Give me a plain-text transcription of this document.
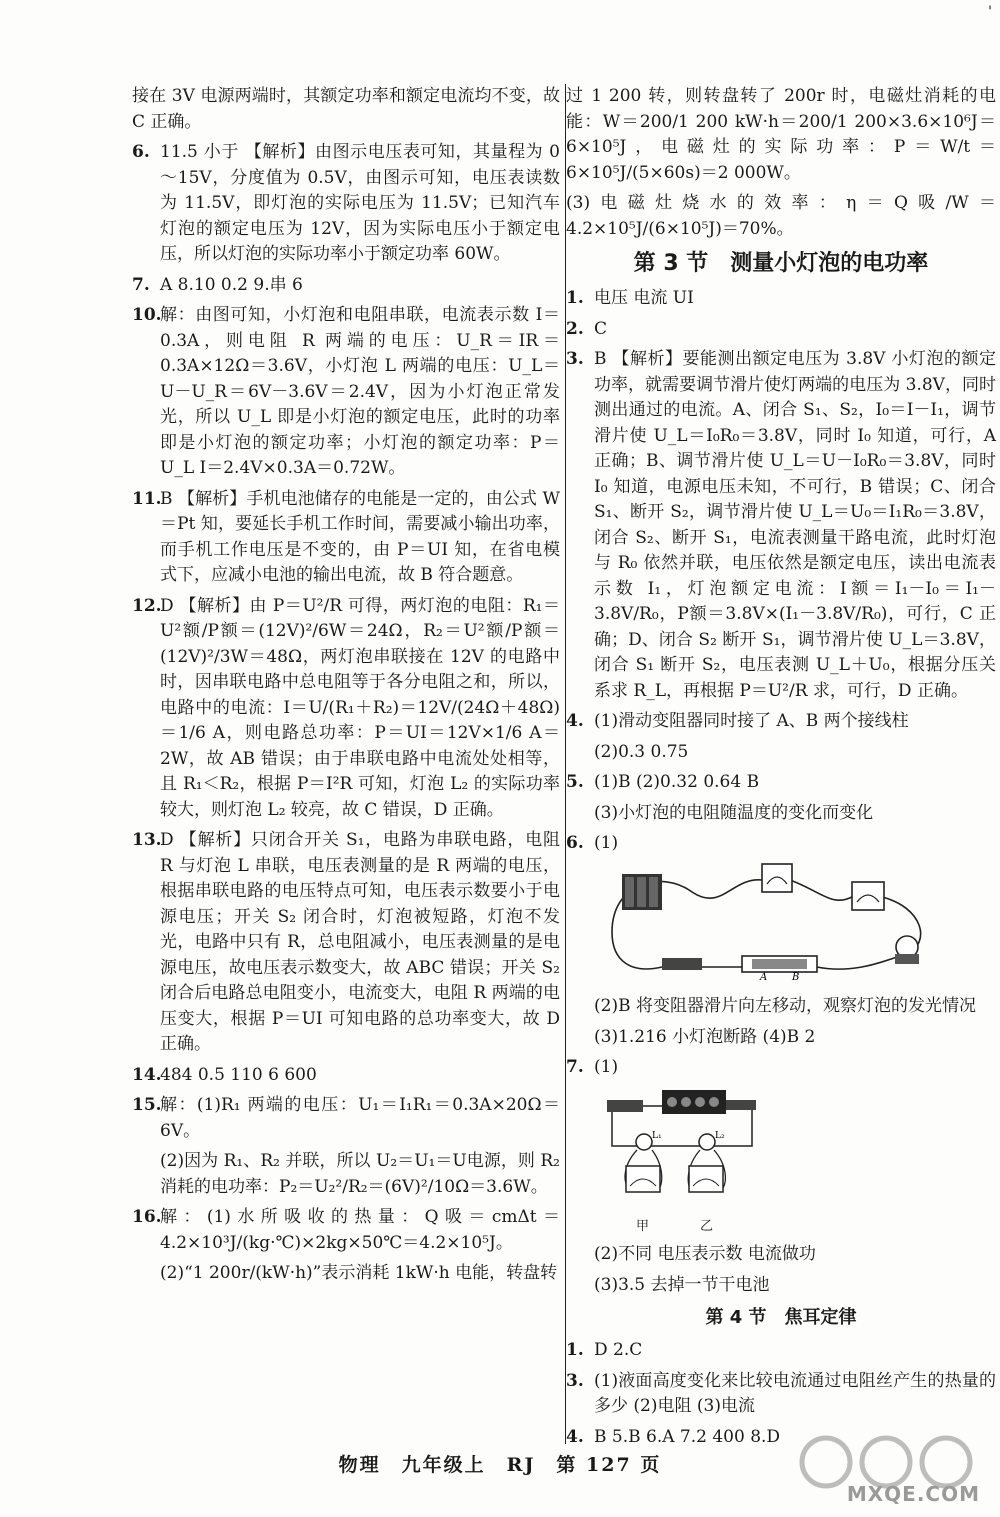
'
接在 3V 电源两端时，其额定功率和额定电流均不变，故 C 正确。
6. 11.5 小于 【解析】由图示电压表可知，其量程为 0～15V，分度值为 0.5V，由图示可知，电压表读数为 11.5V，即灯泡的实际电压为 11.5V；已知汽车灯泡的额定电压为 12V，因为实际电压小于额定电压，所以灯泡的实际功率小于额定功率 60W。
7. A 8.10 0.2 9.串 6
10.
解：由图可知，小灯泡和电阻串联，电流表示数 I＝0.3A，则电阻 R 两端的电压：U_R＝IR＝0.3A×12Ω＝3.6V，小灯泡 L 两端的电压：U_L＝U－U_R＝6V－3.6V＝2.4V，因为小灯泡正常发光，所以 U_L 即是小灯泡的额定电压，此时的功率即是小灯泡的额定功率；小灯泡的额定功率：P＝U_L I＝2.4V×0.3A＝0.72W。
11.
B 【解析】手机电池储存的电能是一定的，由公式 W＝Pt 知，要延长手机工作时间，需要减小输出功率，而手机工作电压是不变的，由 P＝UI 知，在省电模式下，应减小电池的输出电流，故 B 符合题意。
12.
D 【解析】由 P＝U²/R 可得，两灯泡的电阻：R₁＝U²额/P额＝(12V)²/6W＝24Ω，R₂＝U²额/P额＝(12V)²/3W＝48Ω，两灯泡串联接在 12V 的电路中时，因串联电路中总电阻等于各分电阻之和，所以，电路中的电流：I＝U/(R₁＋R₂)＝12V/(24Ω＋48Ω)＝1/6 A，则电路总功率：P＝UI＝12V×1/6 A＝2W，故 AB 错误；由于串联电路中电流处处相等，且 R₁＜R₂，根据 P＝I²R 可知，灯泡 L₂ 的实际功率较大，则灯泡 L₂ 较亮，故 C 错误，D 正确。
13.
D 【解析】只闭合开关 S₁，电路为串联电路，电阻 R 与灯泡 L 串联，电压表测量的是 R 两端的电压，根据串联电路的电压特点可知，电压表示数要小于电源电压；开关 S₂ 闭合时，灯泡被短路，灯泡不发光，电路中只有 R，总电阻减小，电压表测量的是电源电压，故电压表示数变大，故 ABC 错误；开关 S₂ 闭合后电路总电阻变小，电流变大，电阻 R 两端的电压变大，根据 P＝UI 可知电路的总功率变大，故 D 正确。
14.
484 0.5 110 6 600
15.
解：(1)R₁ 两端的电压：U₁＝I₁R₁＝0.3A×20Ω＝6V。
(2)因为 R₁、R₂ 并联，所以 U₂＝U₁＝U电源，则 R₂ 消耗的电功率：P₂＝U₂²/R₂＝(6V)²/10Ω＝3.6W。
16.
解：(1)水所吸收的热量：Q吸＝cmΔt＝4.2×10³J/(kg·℃)×2kg×50℃＝4.2×10⁵J。
(2)“1 200r/(kW·h)”表示消耗 1kW·h 电能，转盘转
过 1 200 转，则转盘转了 200r 时，电磁灶消耗的电能：W＝200/1 200 kW·h＝200/1 200×3.6×10⁶J＝6×10⁵J，电磁灶的实际功率：P＝W/t＝6×10⁵J/(5×60s)＝2 000W。
(3)电磁灶烧水的效率：η＝Q吸/W＝4.2×10⁵J/(6×10⁵J)＝70%。
第 3 节　测量小灯泡的电功率
1. 电压 电流 UI
2. C
3. B 【解析】要能测出额定电压为 3.8V 小灯泡的额定功率，就需要调节滑片使灯两端的电压为 3.8V，同时测出通过的电流。A、闭合 S₁、S₂，I₀＝I－I₁，调节滑片使 U_L＝I₀R₀＝3.8V，同时 I₀ 知道，可行，A 正确；B、调节滑片使 U_L＝U－I₀R₀＝3.8V，同时 I₀ 知道，电源电压未知，不可行，B 错误；C、闭合 S₁、断开 S₂，调节滑片使 U_L＝U₀＝I₁R₀＝3.8V，闭合 S₂、断开 S₁，电流表测量干路电流，此时灯泡与 R₀ 依然并联，电压依然是额定电压，读出电流表示数 I₁，灯泡额定电流：I额＝I₁－I₀＝I₁－3.8V/R₀，P额＝3.8V×(I₁－3.8V/R₀)，可行，C 正确；D、闭合 S₂ 断开 S₁，调节滑片使 U_L＝3.8V，闭合 S₁ 断开 S₂，电压表测 U_L＋U₀，根据分压关系求 R_L，再根据 P＝U²/R 求，可行，D 正确。
4. (1)滑动变阻器同时接了 A、B 两个接线柱
(2)0.3 0.75
5. (1)B (2)0.32 0.64 B
(3)小灯泡的电阻随温度的变化而变化
6. (1)
A B
(2)B 将变阻器滑片向左移动，观察灯泡的发光情况
(3)1.216 小灯泡断路 (4)B 2
7. (1)
L₁	L₂
甲	乙
(2)不同 电压表示数 电流做功
(3)3.5 去掉一节干电池
第 4 节　焦耳定律
1. D 2.C
3. (1)液面高度变化来比较电流通过电阻丝产生的热量的多少 (2)电阻 (3)电流
4. B 5.B 6.A 7.2 400 8.D
物理　九年级上　RJ　第 127 页
MXQE.COM
